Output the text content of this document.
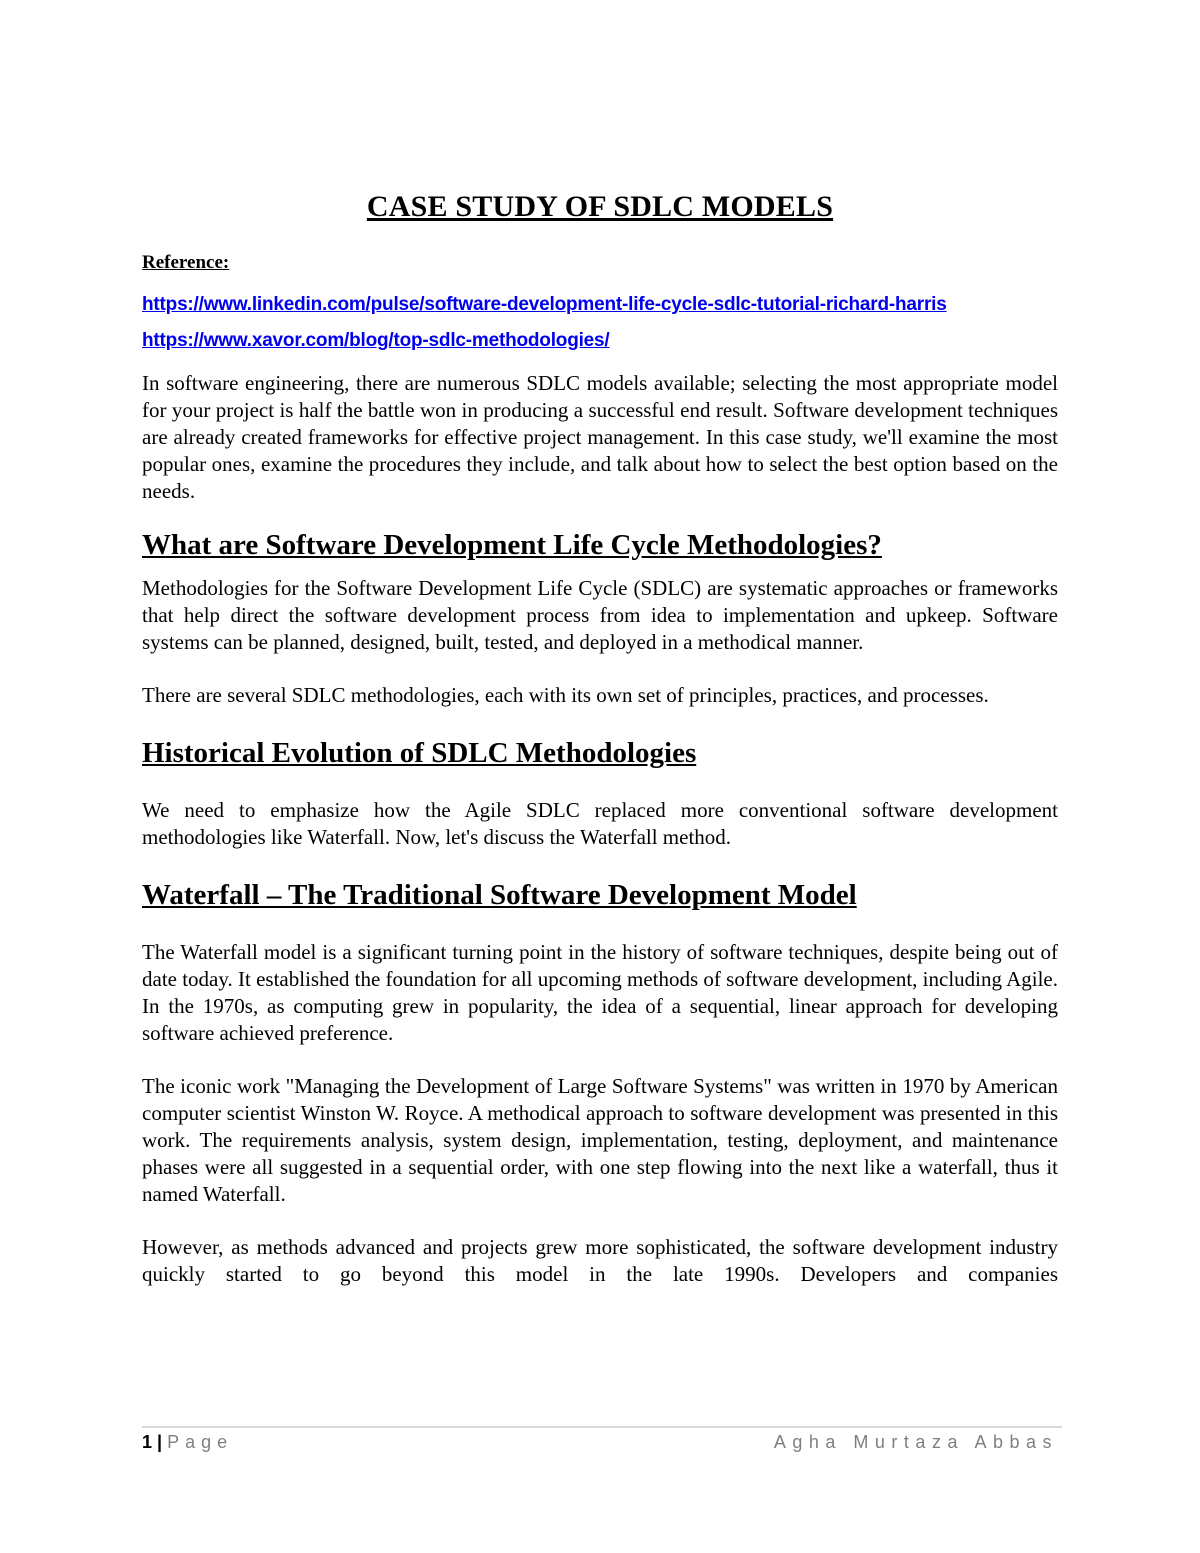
CASE STUDY OF SDLC MODELS
Reference:
https://www.linkedin.com/pulse/software-development-life-cycle-sdlc-tutorial-richard-harris
https://www.xavor.com/blog/top-sdlc-methodologies/

In software engineering, there are numerous SDLC models available; selecting the most appropriate model for your project is half the battle won in producing a successful end result. Software development techniques are already created frameworks for effective project management. In this case study, we'll examine the most popular ones, examine the procedures they include, and talk about how to select the best option based on the needs.

What are Software Development Life Cycle Methodologies?

Methodologies for the Software Development Life Cycle (SDLC) are systematic approaches or frameworks that help direct the software development process from idea to implementation and upkeep. Software systems can be planned, designed, built, tested, and deployed in a methodical manner.

There are several SDLC methodologies, each with its own set of principles, practices, and processes.

Historical Evolution of SDLC Methodologies

We need to emphasize how the Agile SDLC replaced more conventional software development methodologies like Waterfall. Now, let's discuss the Waterfall method.

Waterfall – The Traditional Software Development Model

The Waterfall model is a significant turning point in the history of software techniques, despite being out of date today. It established the foundation for all upcoming methods of software development, including Agile. In the 1970s, as computing grew in popularity, the idea of a sequential, linear approach for developing software achieved preference.

The iconic work "Managing the Development of Large Software Systems" was written in 1970 by American computer scientist Winston W. Royce. A methodical approach to software development was presented in this work. The requirements analysis, system design, implementation, testing, deployment, and maintenance phases were all suggested in a sequential order, with one step flowing into the next like a waterfall, thus it named Waterfall.

However, as methods advanced and projects grew more sophisticated, the software development industry quickly started to go beyond this model in the late 1990s. Developers and companies

1 | Page	Agha Murtaza Abbas
